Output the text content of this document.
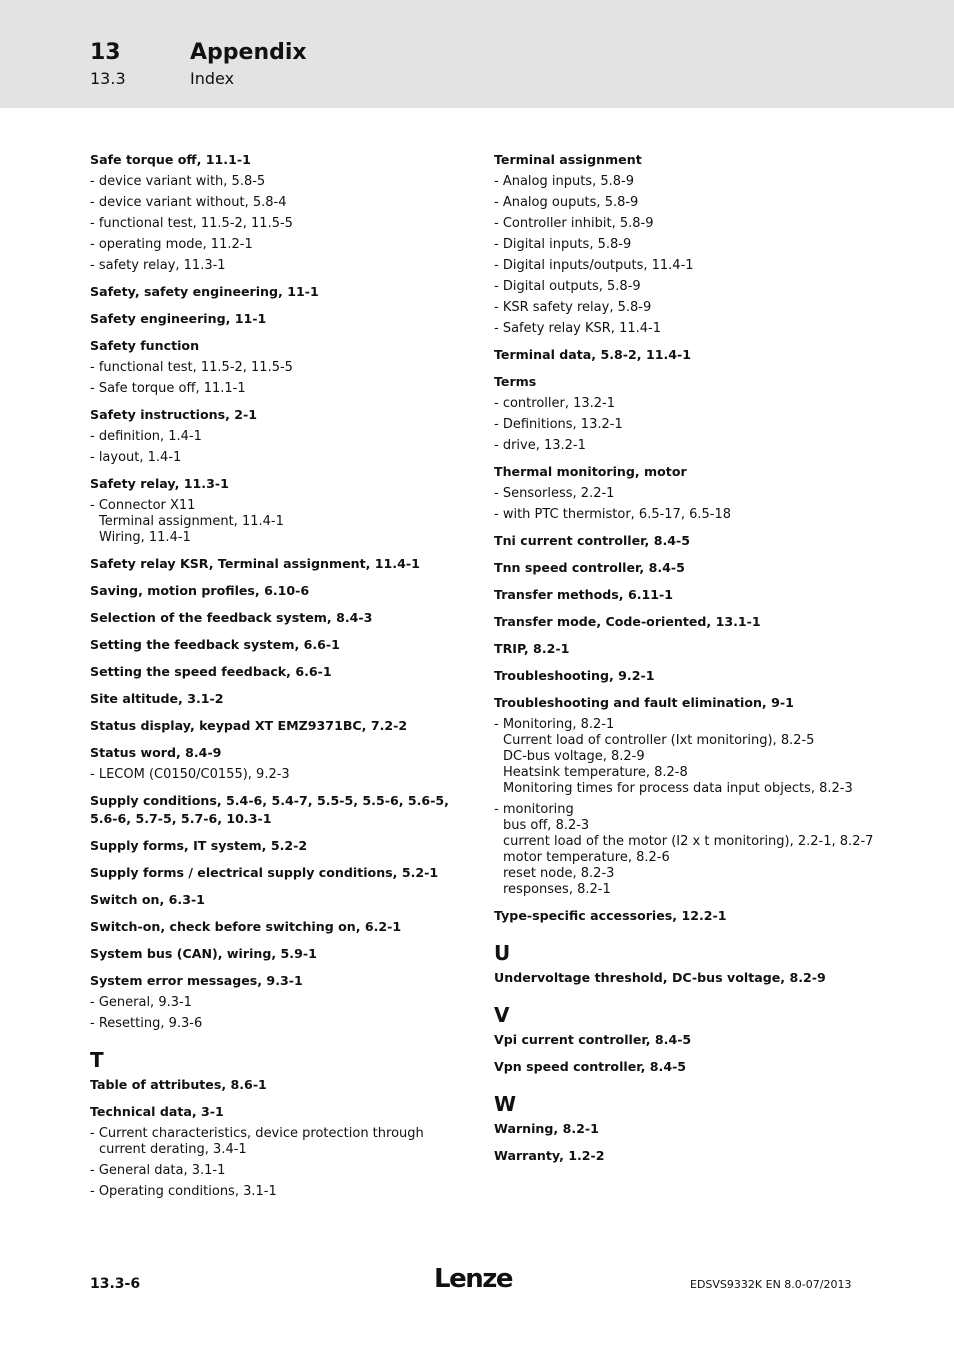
13	Appendix
13.3	Index
Safe torque off, 11.1-1
- device variant with, 5.8-5
- device variant without, 5.8-4
- functional test, 11.5-2, 11.5-5
- operating mode, 11.2-1
- safety relay, 11.3-1
Safety, safety engineering, 11-1
Safety engineering, 11-1
Safety function
- functional test, 11.5-2, 11.5-5
- Safe torque off, 11.1-1
Safety instructions, 2-1
- definition, 1.4-1
- layout, 1.4-1
Safety relay, 11.3-1
- Connector X11
Terminal assignment, 11.4-1
Wiring, 11.4-1
Safety relay KSR, Terminal assignment, 11.4-1
Saving, motion profiles, 6.10-6
Selection of the feedback system, 8.4-3
Setting the feedback system, 6.6-1
Setting the speed feedback, 6.6-1
Site altitude, 3.1-2
Status display, keypad XT EMZ9371BC, 7.2-2
Status word, 8.4-9
- LECOM (C0150/C0155), 9.2-3
Supply conditions, 5.4-6, 5.4-7, 5.5-5, 5.5-6, 5.6-5, 5.6-6, 5.7-5, 5.7-6, 10.3-1
Supply forms, IT system, 5.2-2
Supply forms / electrical supply conditions, 5.2-1
Switch on, 6.3-1
Switch-on, check before switching on, 6.2-1
System bus (CAN), wiring, 5.9-1
System error messages, 9.3-1
- General, 9.3-1
- Resetting, 9.3-6
T
Table of attributes, 8.6-1
Technical data, 3-1
- Current characteristics, device protection through
current derating, 3.4-1
- General data, 3.1-1
- Operating conditions, 3.1-1
Terminal assignment
- Analog inputs, 5.8-9
- Analog ouputs, 5.8-9
- Controller inhibit, 5.8-9
- Digital inputs, 5.8-9
- Digital inputs/outputs, 11.4-1
- Digital outputs, 5.8-9
- KSR safety relay, 5.8-9
- Safety relay KSR, 11.4-1
Terminal data, 5.8-2, 11.4-1
Terms
- controller, 13.2-1
- Definitions, 13.2-1
- drive, 13.2-1
Thermal monitoring, motor
- Sensorless, 2.2-1
- with PTC thermistor, 6.5-17, 6.5-18
Tni current controller, 8.4-5
Tnn speed controller, 8.4-5
Transfer methods, 6.11-1
Transfer mode, Code-oriented, 13.1-1
TRIP, 8.2-1
Troubleshooting, 9.2-1
Troubleshooting and fault elimination, 9-1
- Monitoring, 8.2-1
Current load of controller (Ixt monitoring), 8.2-5
DC-bus voltage, 8.2-9
Heatsink temperature, 8.2-8
Monitoring times for process data input objects, 8.2-3
- monitoring
bus off, 8.2-3
current load of the motor (I2 x t monitoring), 2.2-1, 8.2-7
motor temperature, 8.2-6
reset node, 8.2-3
responses, 8.2-1
Type-specific accessories, 12.2-1
U
Undervoltage threshold, DC-bus voltage, 8.2-9
V
Vpi current controller, 8.4-5
Vpn speed controller, 8.4-5
W
Warning, 8.2-1
Warranty, 1.2-2
13.3-6	Lenze	EDSVS9332K EN 8.0-07/2013
